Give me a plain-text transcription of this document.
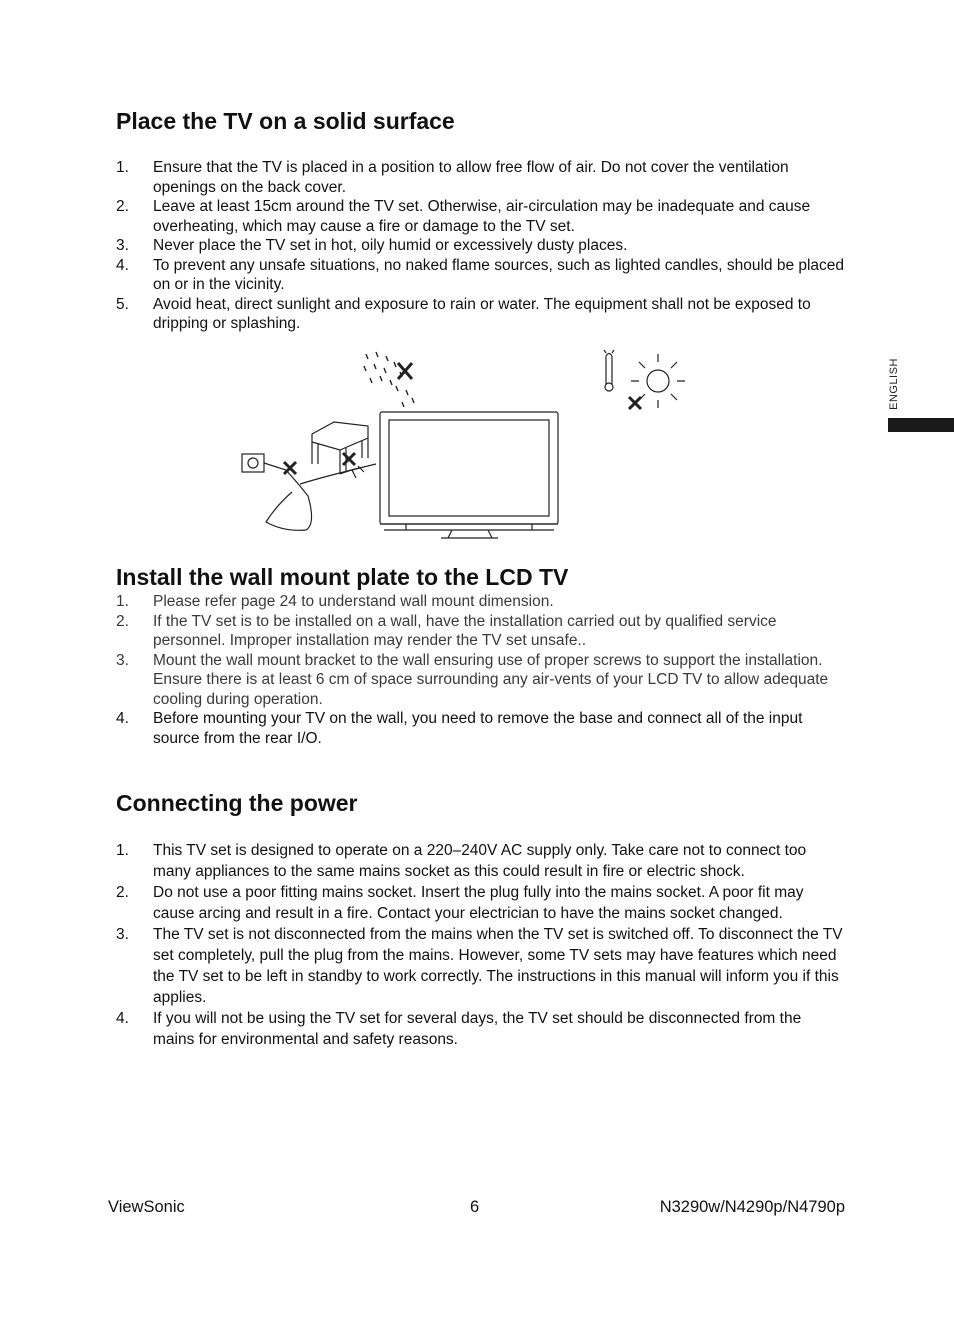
Place the TV on a solid surface
1. Ensure that the TV is placed in a position to allow free flow of air. Do not cover the ventilation openings on the back cover.
2. Leave at least 15cm around the TV set. Otherwise, air-circulation may be inadequate and cause overheating, which may cause a fire or damage to the TV set.
3. Never place the TV set in hot, oily humid or excessively dusty places.
4. To prevent any unsafe situations, no naked flame sources, such as lighted candles, should be placed on or in the vicinity.
5. Avoid heat, direct sunlight and exposure to rain or water. The equipment shall not be exposed to dripping or splashing.
ENGLISH
Install the wall mount plate to the LCD TV
1. Please refer page 24 to understand wall mount dimension.
2. If the TV set is to be installed on a wall, have the installation carried out by qualified service personnel. Improper installation may render the TV set unsafe..
3. Mount the wall mount bracket to the wall ensuring use of proper screws to support the installation. Ensure there is at least 6 cm of space surrounding any air-vents of your LCD TV to allow adequate cooling during operation.
4. Before mounting your TV on the wall, you need to remove the base and connect all of the input source from the rear I/O.
Connecting the power
1. This TV set is designed to operate on a 220–240V AC supply only. Take care not to connect too many appliances to the same mains socket as this could result in fire or electric shock.
2. Do not use a poor fitting mains socket. Insert the plug fully into the mains socket. A poor fit may cause arcing and result in a fire. Contact your electrician to have the mains socket changed.
3. The TV set is not disconnected from the mains when the TV set is switched off. To disconnect the TV set completely, pull the plug from the mains. However, some TV sets may have features which need the TV set to be left in standby to work correctly. The instructions in this manual will inform you if this applies.
4. If you will not be using the TV set for several days, the TV set should be disconnected from the mains for environmental and safety reasons.
ViewSonic	6	N3290w/N4290p/N4790p
